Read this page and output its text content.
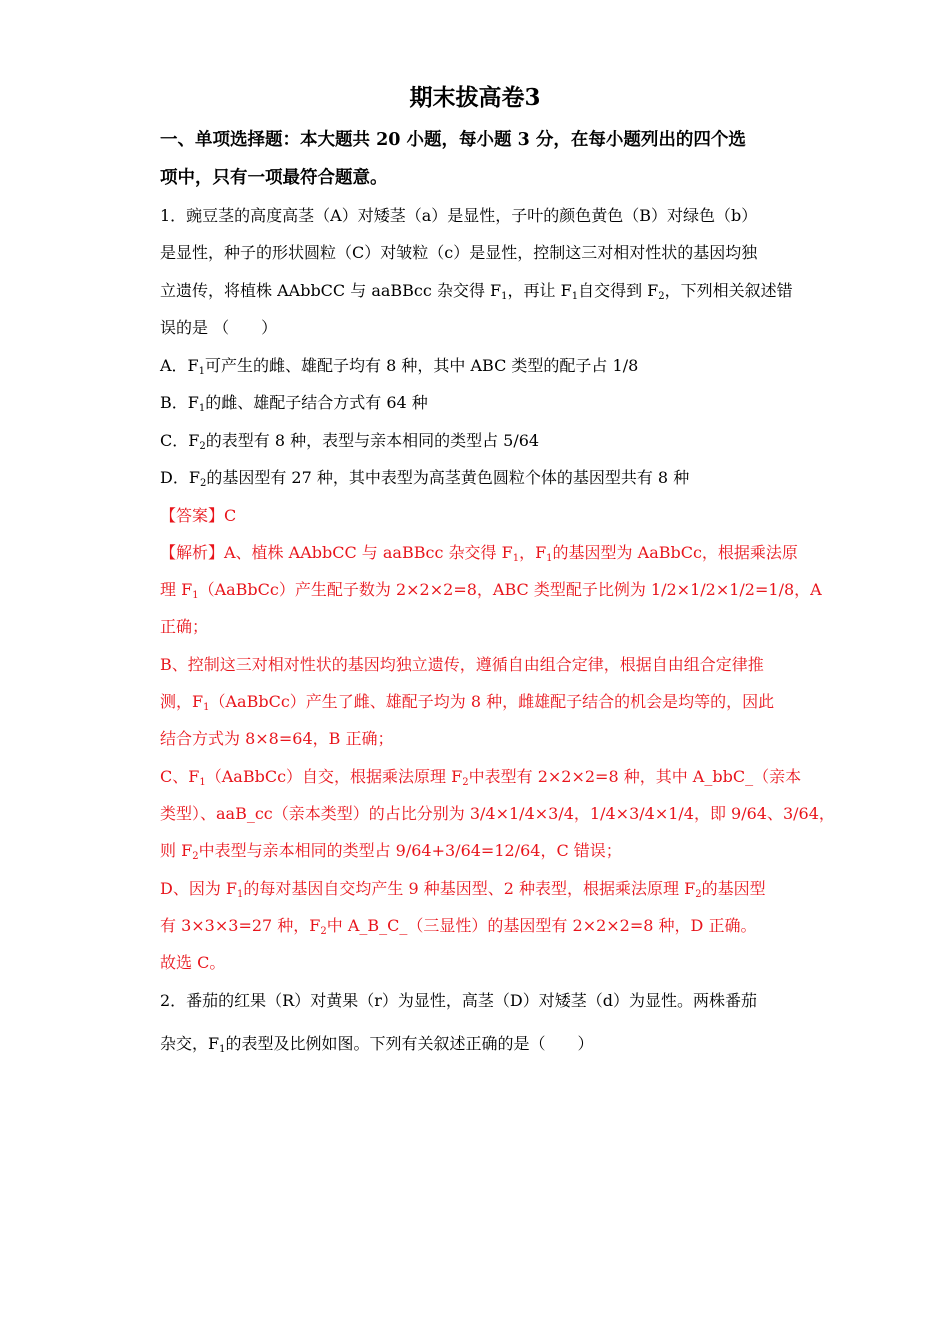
期末拔高卷3
一、单项选择题：本大题共 20 小题，每小题 3 分，在每小题列出的四个选
项中，只有一项最符合题意。
1．豌豆茎的高度高茎（A）对矮茎（a）是显性，子叶的颜色黄色（B）对绿色（b）
是显性，种子的形状圆粒（C）对皱粒（c）是显性，控制这三对相对性状的基因均独
立遗传，将植株 AAbbCC 与 aaBBcc 杂交得 $F_1$，再让 $F_1$自交得到 $F_2$，下列相关叙述错
误的是 （　　）
A．$F_1$可产生的雌、雄配子均有 8 种，其中 ABC 类型的配子占 1/8
B．$F_1$的雌、雄配子结合方式有 64 种
C．$F_2$的表型有 8 种，表型与亲本相同的类型占 5/64
D．$F_2$的基因型有 27 种，其中表型为高茎黄色圆粒个体的基因型共有 8 种
【答案】C
【解析】A、植株 AAbbCC 与 aaBBcc 杂交得 $F_1$，$F_1$的基因型为 AaBbCc，根据乘法原
理 $F_1(AaBbCc)$产生配子数为 2×2×2=8，ABC 类型配子比例为 1/2×1/2×1/2=1/8，A
正确；
B、控制这三对相对性状的基因均独立遗传，遵循自由组合定律，根据自由组合定律推
测，$F_1(AaBbCc)$产生了雌、雄配子均为 8 种，雌雄配子结合的机会是均等的，因此
结合方式为 8×8=64，B 正确；
C、$F_1(AaBbCc)$自交，根据乘法原理 $F_2$中表型有 2×2×2=8 种，其中 A_bbC_（亲本
类型）、aaB_cc（亲本类型）的占比分别为 3/4×1/4×3/4，1/4×3/4×1/4，即 9/64、3/64，
则 $F_2$中表型与亲本相同的类型占 9/64+3/64=12/64，C 错误；
D、因为 $F_1$的每对基因自交均产生 9 种基因型、2 种表型，根据乘法原理 $F_2$的基因型
有 3×3×3=27 种，$F_2$中 A_B_C_（三显性）的基因型有 2×2×2=8 种，D 正确。
故选 C。
2．番茄的红果（R）对黄果（r）为显性，高茎（D）对矮茎（d）为显性。两株番茄
杂交，$F_1$的表型及比例如图。下列有关叙述正确的是（　　）
